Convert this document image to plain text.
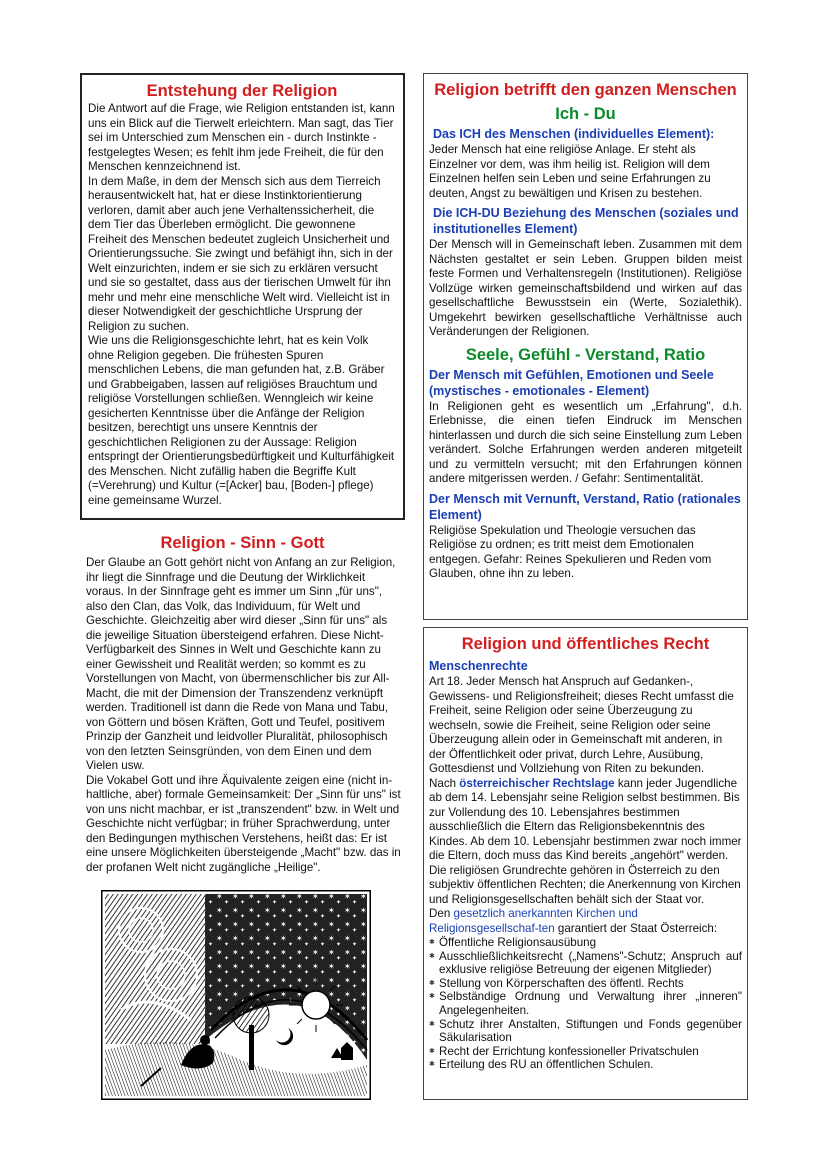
Entstehung der Religion

Die Antwort auf die Frage, wie Religion entstanden ist, kann uns ein Blick auf die Tierwelt erleichtern. Man sagt, das Tier sei im Unterschied zum Menschen ein - durch Instinkte - festgelegtes Wesen; es fehlt ihm jede Freiheit, die für den Menschen kennzeichnend ist.

In dem Maße, in dem der Mensch sich aus dem Tierreich herausentwickelt hat, hat er diese Instinktorientierung verloren, damit aber auch jene Verhaltenssicherheit, die dem Tier das Überleben ermöglicht. Die gewonnene Freiheit des Menschen bedeutet zugleich Unsicherheit und Orientierungssuche. Sie zwingt und befähigt ihn, sich in der Welt einzurichten, indem er sie sich zu erklären versucht und sie so gestaltet, dass aus der tierischen Umwelt für ihn mehr und mehr eine menschliche Welt wird. Vielleicht ist in dieser Notwendigkeit der geschichtliche Ursprung der Religion zu suchen.

Wie uns die Religionsgeschichte lehrt, hat es kein Volk ohne Religion gegeben. Die frühesten Spuren menschlichen Lebens, die man gefunden hat, z.B. Gräber und Grabbeigaben, lassen auf religiöses Brauchtum und religiöse Vorstellungen schließen. Wenngleich wir keine gesicherten Kenntnisse über die Anfänge der Religion besitzen, berechtigt uns unsere Kenntnis der geschichtlichen Religionen zu der Aussage: Religion entspringt der Orientierungsbedürftigkeit und Kulturfähigkeit des Menschen. Nicht zufällig haben die Begriffe Kult (=Verehrung) und Kultur (=[Acker] bau, [Boden-] pflege) eine gemeinsame Wurzel.

Religion - Sinn - Gott

Der Glaube an Gott gehört nicht von Anfang an zur Religion, ihr liegt die Sinnfrage und die Deutung der Wirklichkeit voraus. In der Sinnfrage geht es immer um Sinn „für uns", also den Clan, das Volk, das Individuum, für Welt und Geschichte. Gleichzeitig aber wird dieser „Sinn für uns" als die jeweilige Situation übersteigend erfahren. Diese Nicht-Verfügbarkeit des Sinnes in Welt und Geschichte kann zu einer Gewissheit und Realität werden; so kommt es zu Vorstellungen von Macht, von übermenschlicher bis zur All-Macht, die mit der Dimension der Transzendenz verknüpft werden. Traditionell ist dann die Rede von Mana und Tabu, von Göttern und bösen Kräften, Gott und Teufel, positivem Prinzip der Ganzheit und leidvoller Pluralität, philosophisch von den letzten Seinsgründen, von dem Einen und dem Vielen usw.

Die Vokabel Gott und ihre Äquivalente zeigen eine (nicht in-haltliche, aber) formale Gemeinsamkeit: Der „Sinn für uns" ist von uns nicht machbar, er ist „transzendent" bzw. in Welt und Geschichte nicht verfügbar; in früher Sprachwerdung, unter den Bedingungen mythischen Verstehens, heißt das: Er ist eine unsere Möglichkeiten übersteigende „Macht" bzw. das in der profanen Welt nicht zugängliche „Heilige".

Religion betrifft den ganzen Menschen
Ich - Du
Das ICH des Menschen (individuelles Element):

Jeder Mensch hat eine religiöse Anlage. Er steht als Einzelner vor dem, was ihm heilig ist. Religion will dem Einzelnen helfen sein Leben und seine Erfahrungen zu deuten, Angst zu bewältigen und Krisen zu bestehen.

Die ICH-DU Beziehung des Menschen (soziales und institutionelles Element)

Der Mensch will in Gemeinschaft leben. Zusammen mit dem Nächsten gestaltet er sein Leben. Gruppen bilden meist feste Formen und Verhaltensregeln (Institutionen). Religiöse Vollzüge wirken gemeinschaftsbildend und wirken auf das gesellschaftliche Bewusstsein ein (Werte, Sozialethik). Umgekehrt bewirken gesellschaftliche Verhältnisse auch Veränderungen der Religionen.

Seele, Gefühl - Verstand, Ratio
Der Mensch mit Gefühlen, Emotionen und Seele (mystisches - emotionales - Element)

In Religionen geht es wesentlich um „Erfahrung", d.h. Erlebnisse, die einen tiefen Eindruck im Menschen hinterlassen und durch die sich seine Einstellung zum Leben verändert. Solche Erfahrungen werden anderen mitgeteilt und zu vermitteln versucht; mit den Erfahrungen können andere mitgerissen werden. / Gefahr: Sentimentalität.

Der Mensch mit Vernunft, Verstand, Ratio (rationales Element)

Religiöse Spekulation und Theologie versuchen das Religiöse zu ordnen; es tritt meist dem Emotionalen entgegen. Gefahr: Reines Spekulieren und Reden vom Glauben, ohne ihn zu leben.

Religion und öffentliches Recht
Menschenrechte

Art 18. Jeder Mensch hat Anspruch auf Gedanken-, Gewissens- und Religionsfreiheit; dieses Recht umfasst die Freiheit, seine Religion oder seine Überzeugung zu wechseln, sowie die Freiheit, seine Religion oder seine Überzeugung allein oder in Gemeinschaft mit anderen, in der Öffentlichkeit oder privat, durch Lehre, Ausübung, Gottesdienst und Vollziehung von Riten zu bekunden.

Nach österreichischer Rechtslage kann jeder Jugendliche ab dem 14. Lebensjahr seine Religion selbst bestimmen. Bis zur Vollendung des 10. Lebensjahres bestimmen ausschließlich die Eltern das Religionsbekenntnis des Kindes. Ab dem 10. Lebensjahr bestimmen zwar noch immer die Eltern, doch muss das Kind bereits „angehört" werden.

Die religiösen Grundrechte gehören in Österreich zu den subjektiv öffentlichen Rechten; die Anerkennung von Kirchen und Religionsgesellschaften behält sich der Staat vor.

Den gesetzlich anerkannten Kirchen und Religionsgesellschaf-ten garantiert der Staat Österreich:

✱ Öffentliche Religionsausübung
✱ Ausschließlichkeitsrecht („Namens"-Schutz; Anspruch auf exklusive religiöse Betreuung der eigenen Mitglieder)
✱ Stellung von Körperschaften des öffentl. Rechts
✱ Selbständige Ordnung und Verwaltung ihrer „inneren" Angelegenheiten.
✱ Schutz ihrer Anstalten, Stiftungen und Fonds gegenüber Säkularisation
✱ Recht der Errichtung konfessioneller Privatschulen
✱ Erteilung des RU an öffentlichen Schulen.
